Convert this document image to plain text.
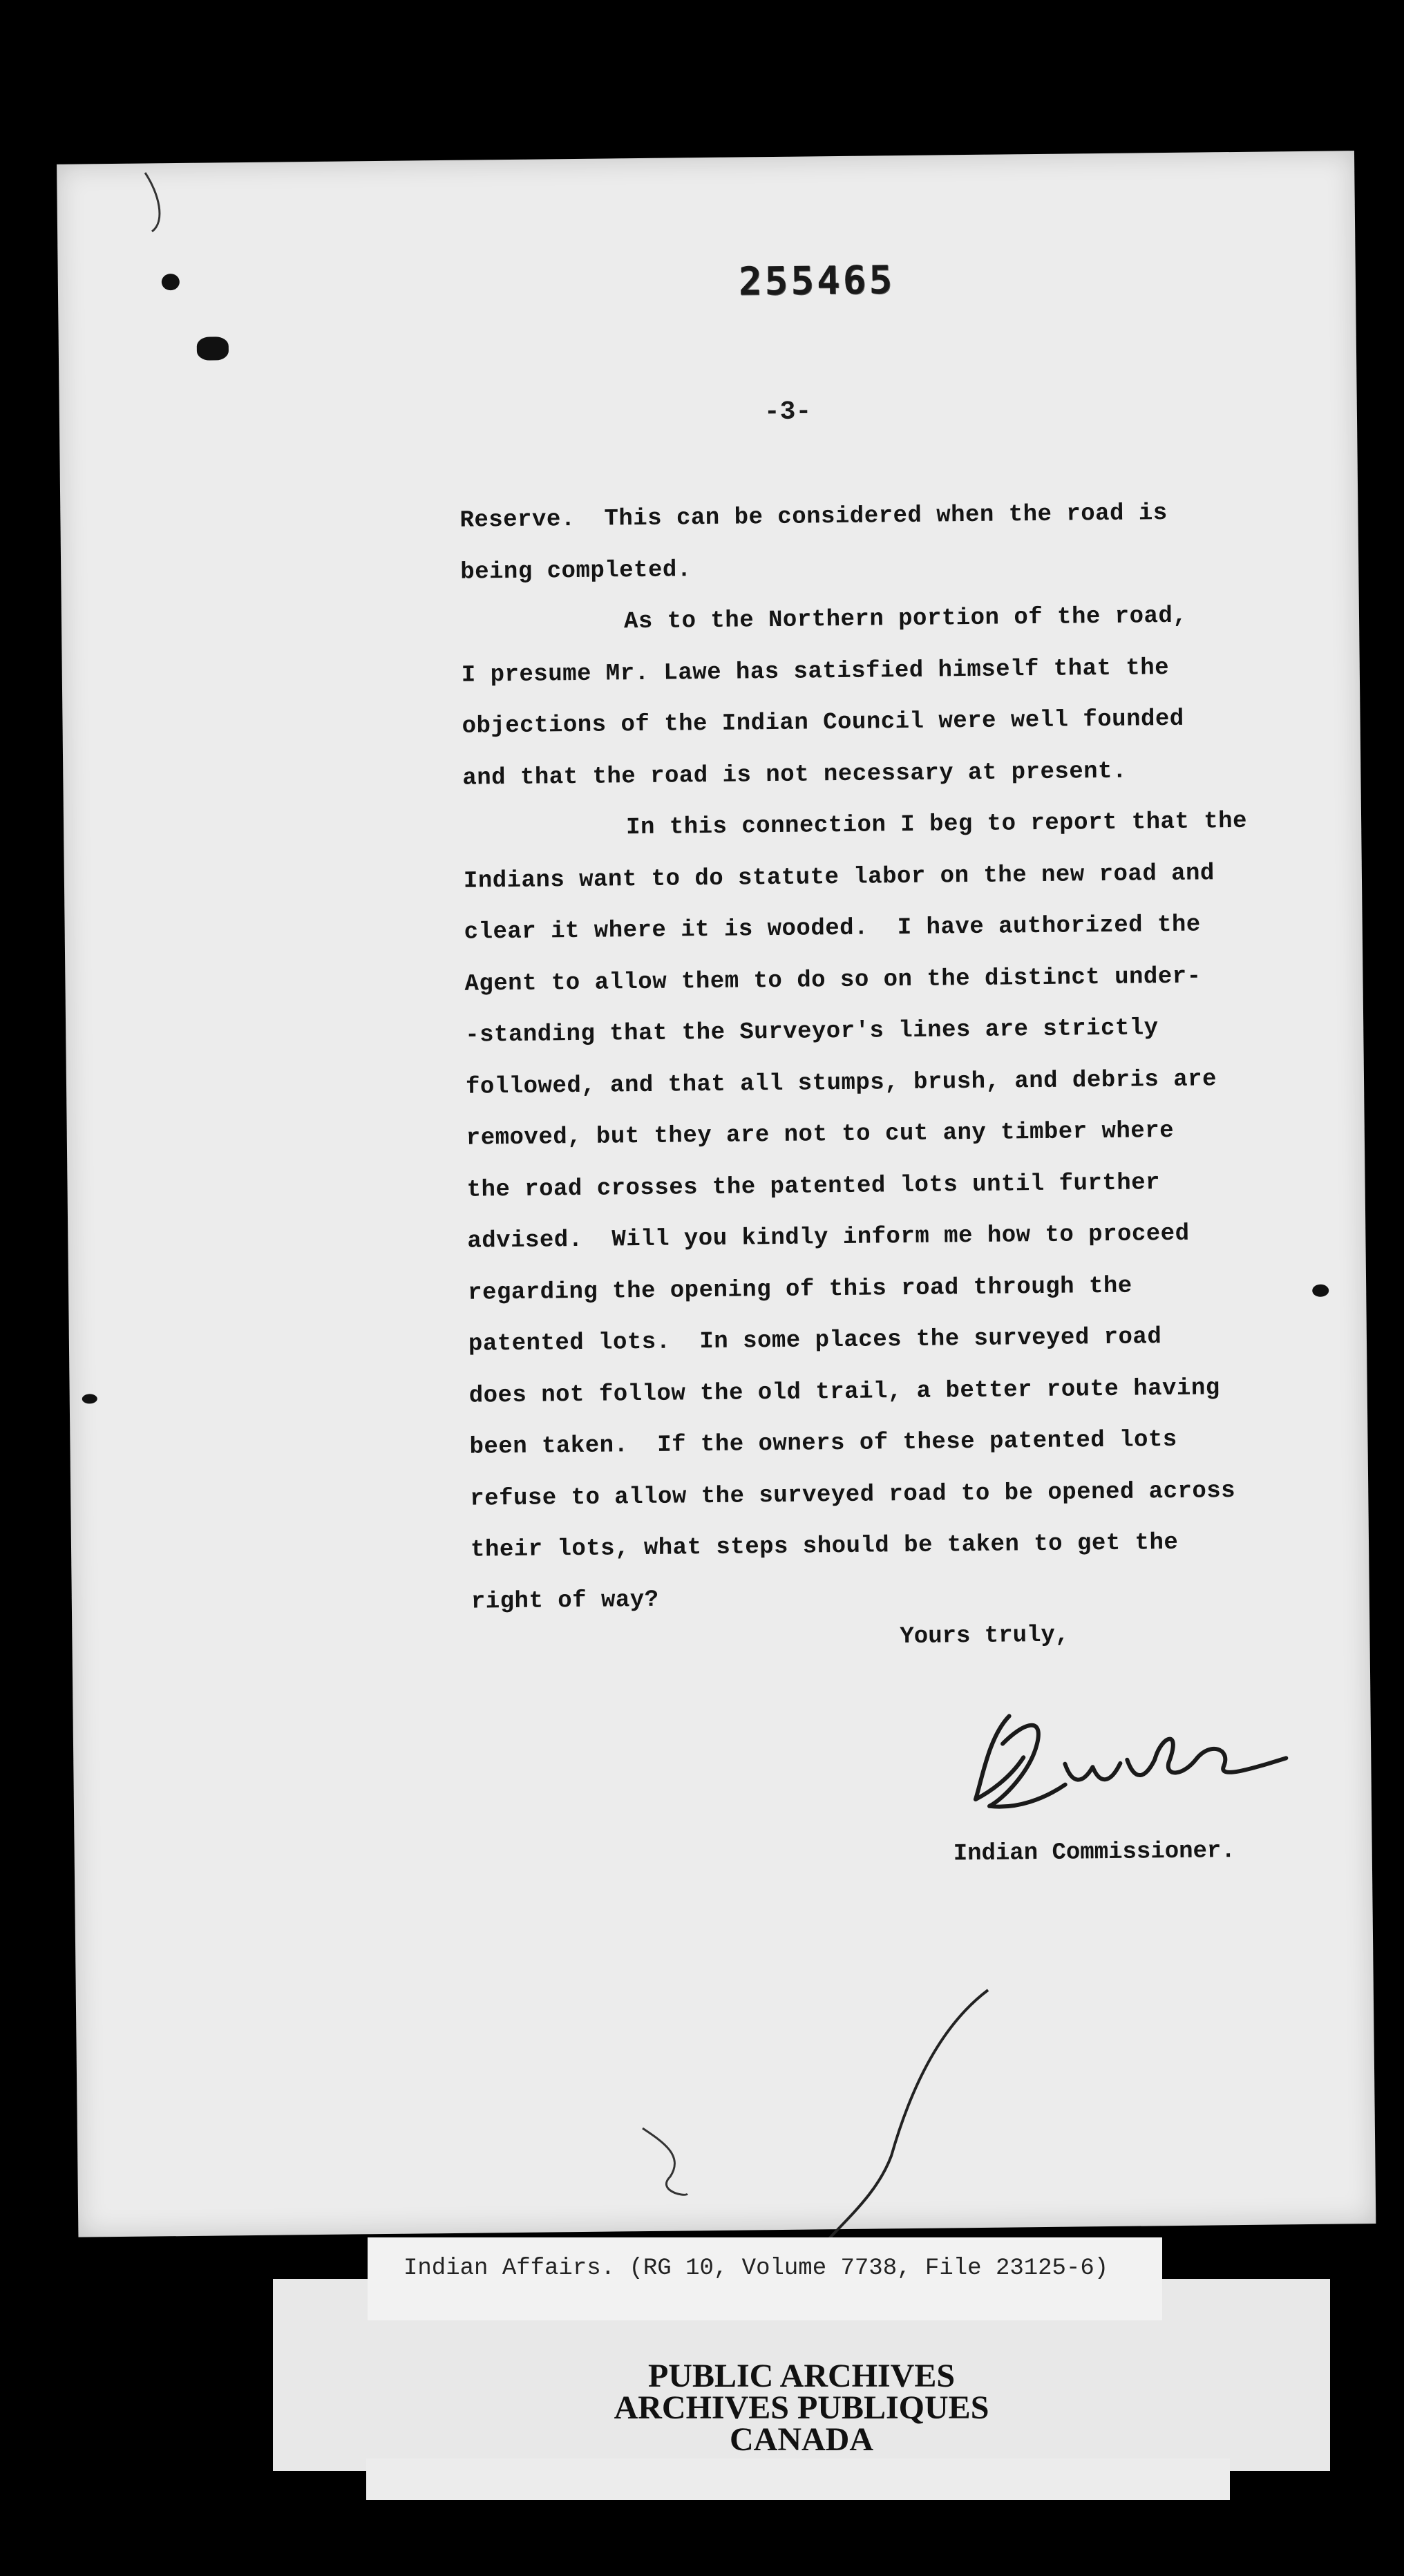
255465
-3-
Reserve.  This can be considered when the road is
being completed.
As to the Northern portion of the road,
I presume Mr. Lawe has satisfied himself that the
objections of the Indian Council were well founded
and that the road is not necessary at present.
In this connection I beg to report that the
Indians want to do statute labor on the new road and
clear it where it is wooded.  I have authorized the
Agent to allow them to do so on the distinct under-
-standing that the Surveyor's lines are strictly
followed, and that all stumps, brush, and debris are
removed, but they are not to cut any timber where
the road crosses the patented lots until further
advised.  Will you kindly inform me how to proceed
regarding the opening of this road through the
patented lots.  In some places the surveyed road
does not follow the old trail, a better route having
been taken.  If the owners of these patented lots
refuse to allow the surveyed road to be opened across
their lots, what steps should be taken to get the
right of way?
Yours truly,
Indian Commissioner.
PUBLIC ARCHIVES
ARCHIVES PUBLIQUES
CANADA
Indian Affairs. (RG 10, Volume 7738, File 23125-6)
